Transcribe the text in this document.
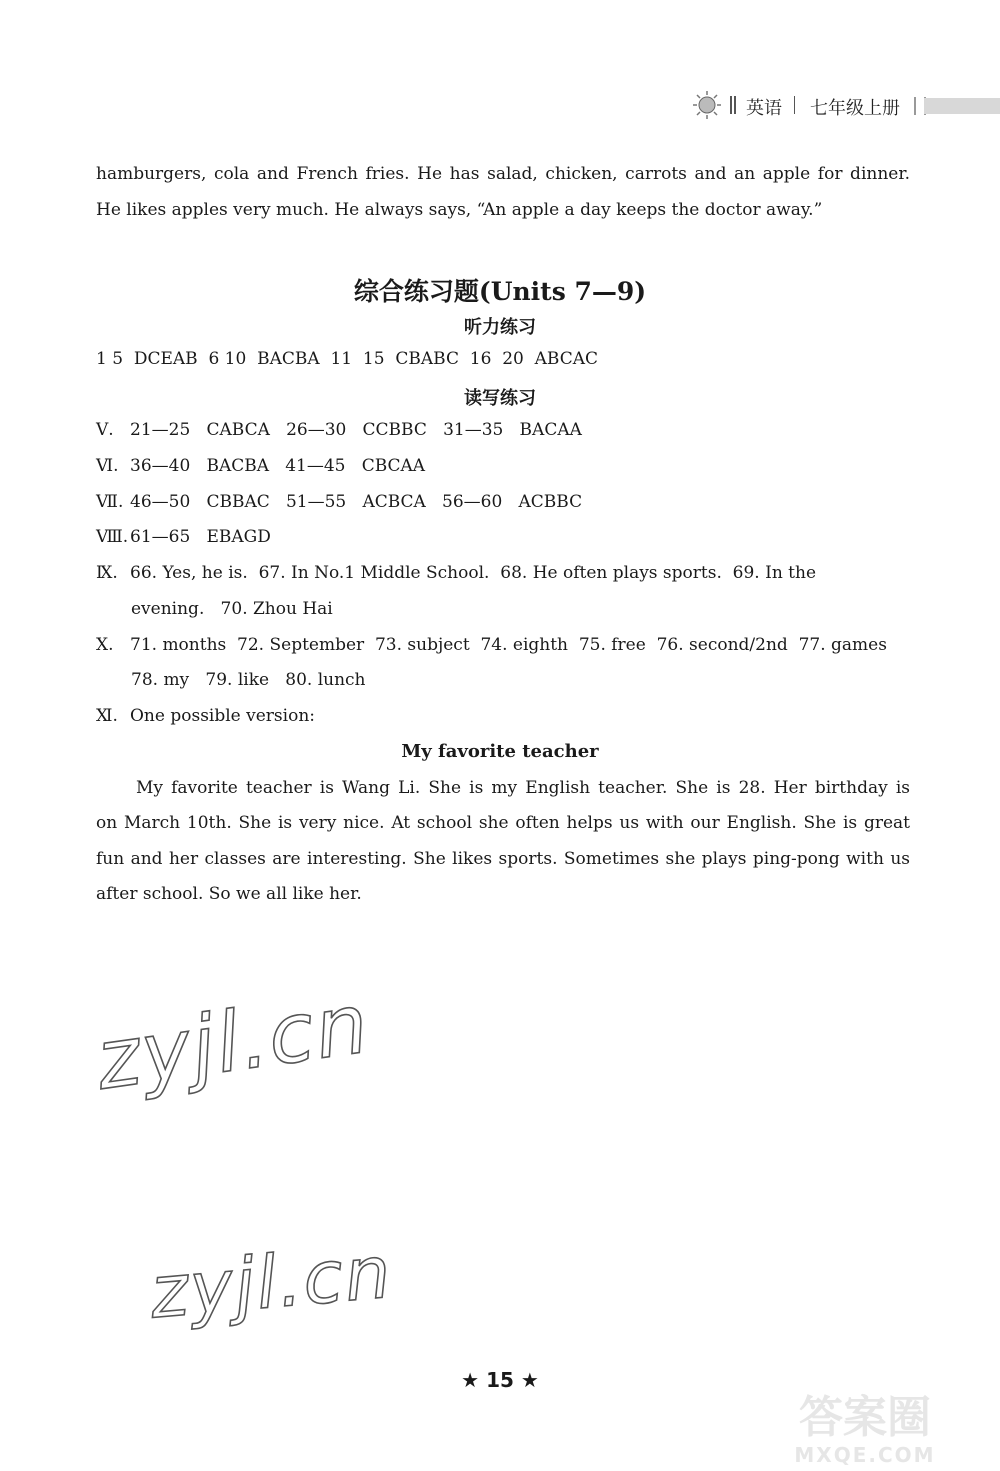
英语 七年级上册
hamburgers, cola and French fries. He has salad, chicken, carrots and an apple for dinner.
He likes apples very much. He always says, “An apple a day keeps the doctor away.”
综合练习题(Units 7—9)
听力练习
1 5  DCEAB  6 10  BACBA  11  15  CBABC  16  20  ABCAC
读写练习
Ⅴ. 21—25   CABCA   26—30   CCBBC   31—35   BACAA
Ⅵ. 36—40   BACBA   41—45   CBCAA
Ⅶ. 46—50   CBBAC   51—55   ACBCA   56—60   ACBBC
Ⅷ. 61—65   EBAGD
Ⅸ. 66. Yes, he is.  67. In No.1 Middle School.  68. He often plays sports.  69. In the
evening.   70. Zhou Hai
Ⅹ. 71. months  72. September  73. subject  74. eighth  75. free  76. second/2nd  77. games
78. my   79. like   80. lunch
Ⅺ. One possible version:
My favorite teacher
My favorite teacher is Wang Li. She is my English teacher. She is 28. Her birthday is
on March 10th. She is very nice. At school she often helps us with our English. She is great
fun and her classes are interesting. She likes sports. Sometimes she plays ping-pong with us
after school. So we all like her.
zyjl.cn
zyjl.cn
★ 15 ★
答案圈
MXQE.COM
